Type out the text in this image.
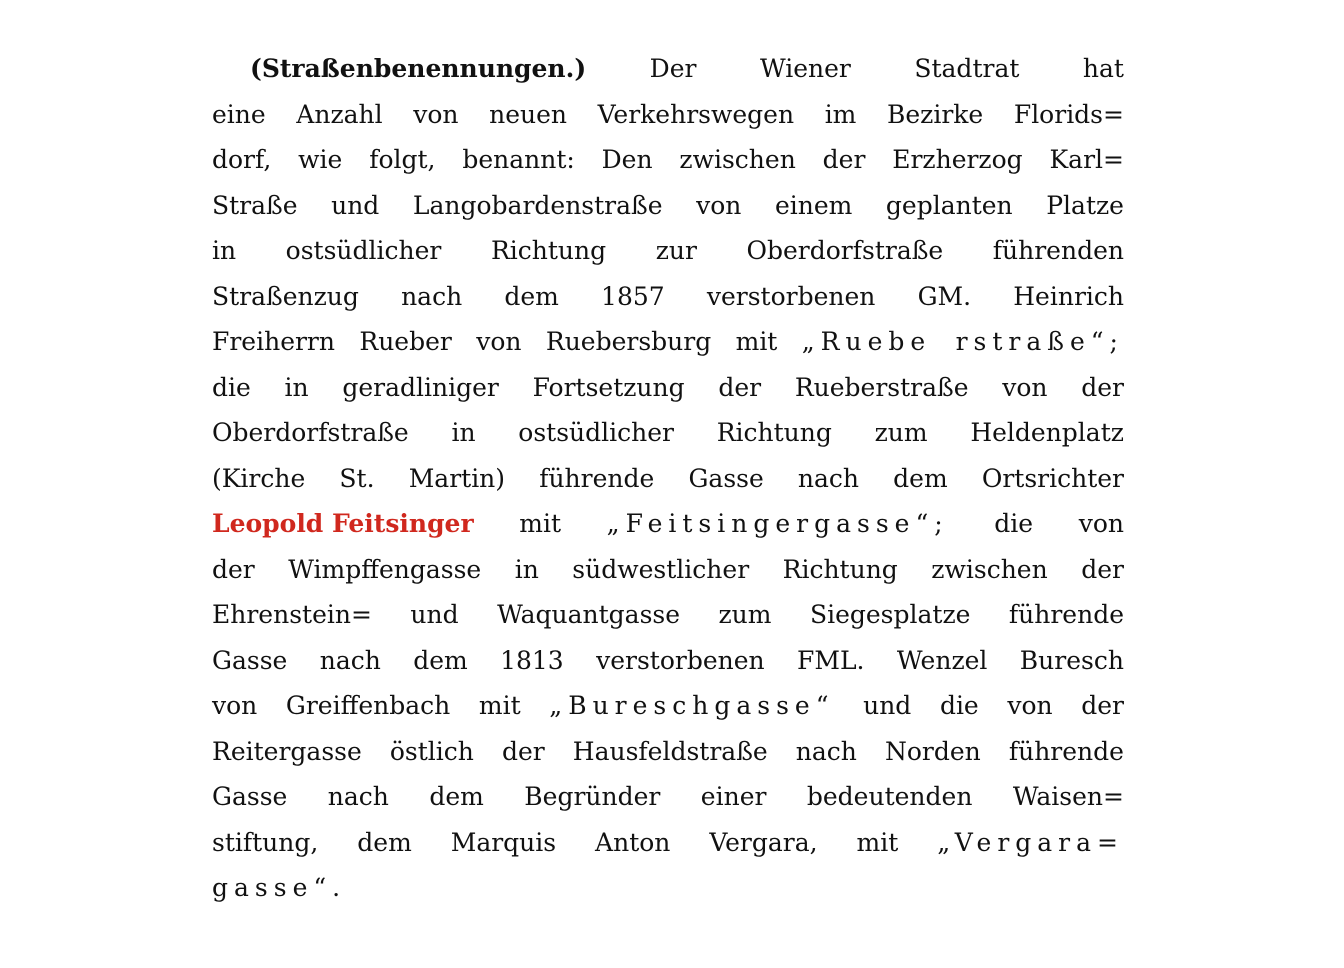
(Straßenbenennungen.)	Der	Wiener	Stadtrat	hat
eine Anzahl von neuen Verkehrswegen im Bezirke Florids=
dorf, wie folgt, benannt: Den zwischen der Erzherzog Karl=
Straße und Langobardenstraße von einem geplanten Platze
in ostsüdlicher Richtung zur Oberdorfstraße führenden
Straßenzug nach dem 1857 verstorbenen GM. Heinrich
Freiherrn Rueber von Ruebersburg mit „Ruebe rstraße“;
die in geradliniger Fortsetzung der Rueberstraße von der
Oberdorfstraße in ostsüdlicher Richtung zum Heldenplatz
(Kirche St. Martin) führende Gasse nach dem Ortsrichter
Leopold Feitsinger mit „Feitsingergasse“; die von
der Wimpffengasse in südwestlicher Richtung zwischen der
Ehrenstein= und Waquantgasse zum Siegesplatze führende
Gasse nach dem 1813 verstorbenen FML. Wenzel Buresch
von Greiffenbach mit „Bureschgasse“ und die von der
Reitergasse östlich der Hausfeldstraße nach Norden führende
Gasse nach dem Begründer einer bedeutenden Waisen=
stiftung, dem Marquis Anton Vergara, mit „Vergara=
gasse“.
